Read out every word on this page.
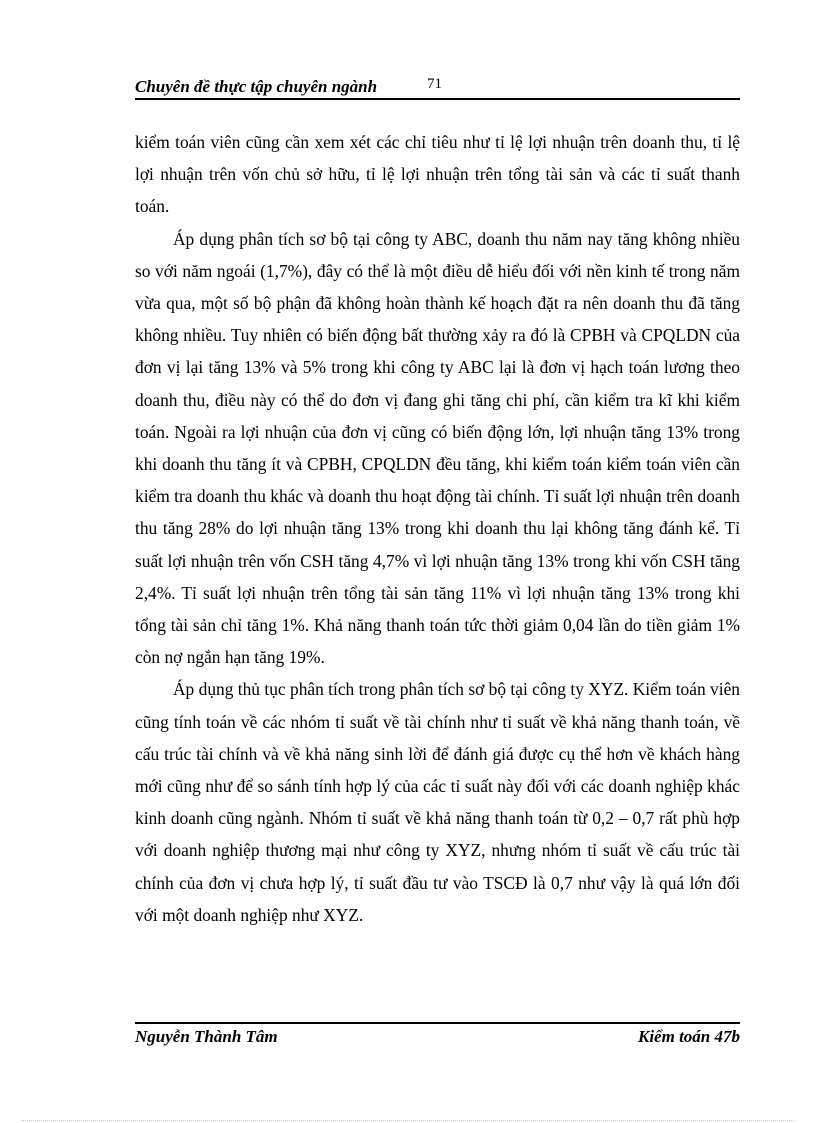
Chuyên đề thực tập chuyên ngành	71

kiểm toán viên cũng cần xem xét các chỉ tiêu như tỉ lệ lợi nhuận trên doanh thu, tỉ lệ lợi nhuận trên vốn chủ sở hữu, tỉ lệ lợi nhuận trên tổng tài sản và các tỉ suất thanh toán.

Áp dụng phân tích sơ bộ tại công ty ABC, doanh thu năm nay tăng không nhiều so với năm ngoái (1,7%), đây có thể là một điều dễ hiểu đối với nền kinh tế trong năm vừa qua, một số bộ phận đã không hoàn thành kế hoạch đặt ra nên doanh thu đã tăng không nhiều. Tuy nhiên có biến động bất thường xảy ra đó là CPBH và CPQLDN của đơn vị lại tăng 13% và 5% trong khi công ty ABC lại là đơn vị hạch toán lương theo doanh thu, điều này có thể do đơn vị đang ghi tăng chi phí, cần kiểm tra kĩ khi kiểm toán. Ngoài ra lợi nhuận của đơn vị cũng có biến động lớn, lợi nhuận tăng 13% trong khi doanh thu tăng ít và CPBH, CPQLDN đều tăng, khi kiểm toán kiểm toán viên cần kiểm tra doanh thu khác và doanh thu hoạt động tài chính. Tỉ suất lợi nhuận trên doanh thu tăng 28% do lợi nhuận tăng 13% trong khi doanh thu lại không tăng đánh kể. Tỉ suất lợi nhuận trên vốn CSH tăng 4,7% vì lợi nhuận tăng 13% trong khi vốn CSH tăng 2,4%. Tỉ suất lợi nhuận trên tổng tài sản tăng 11% vì lợi nhuận tăng 13% trong khi tổng tài sản chỉ tăng 1%. Khả năng thanh toán tức thời giảm 0,04 lần do tiền giảm 1% còn nợ ngắn hạn tăng 19%.

Áp dụng thủ tục phân tích trong phân tích sơ bộ tại công ty XYZ. Kiểm toán viên cũng tính toán về các nhóm tỉ suất về tài chính như tỉ suất về khả năng thanh toán, về cấu trúc tài chính và về khả năng sinh lời để đánh giá được cụ thể hơn về khách hàng mới cũng như để so sánh tính hợp lý của các tỉ suất này đối với các doanh nghiệp khác kinh doanh cũng ngành. Nhóm tỉ suất về khả năng thanh toán từ 0,2 – 0,7 rất phù hợp với doanh nghiệp thương mại như công ty XYZ, nhưng nhóm tỉ suất về cấu trúc tài chính của đơn vị chưa hợp lý, tỉ suất đầu tư vào TSCĐ là 0,7 như vậy là quá lớn đối với một doanh nghiệp như XYZ.

Nguyễn Thành Tâm	Kiểm toán 47b
